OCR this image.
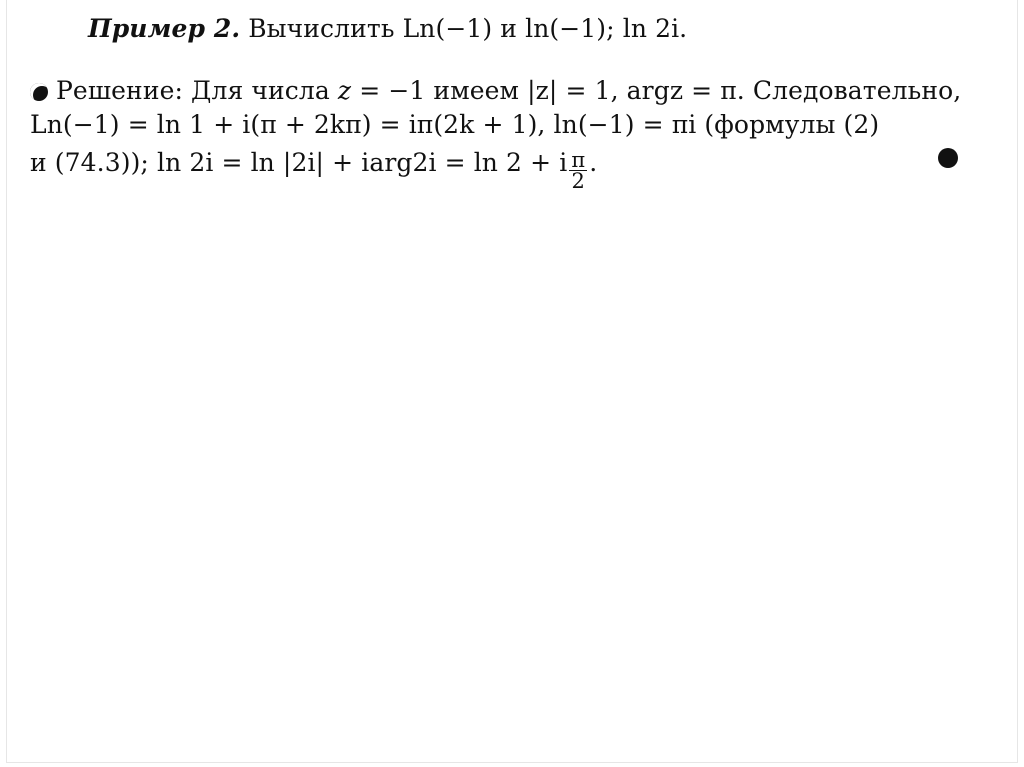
Пример 2. Вычислить Ln(−1) и ln(−1); ln 2i.
Решение: Для числа z = −1 имеем |z| = 1, argz = π. Следовательно,
Ln(−1) = ln 1 + i(π + 2kπ) = iπ(2k + 1), ln(−1) = πi (формулы (2)
и (74.3)); ln 2i = ln |2i| + iarg2i = ln 2 + i $\frac{\pi}{2}$ .
